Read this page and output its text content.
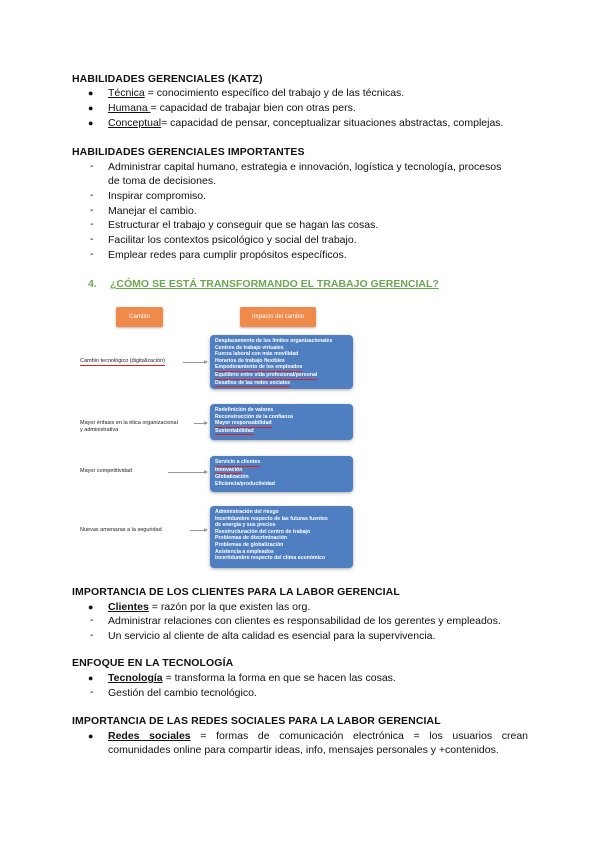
HABILIDADES GERENCIALES (KATZ)
● Técnica = conocimiento específico del trabajo y de las técnicas.
● Humana = capacidad de trabajar bien con otras pers.
● Conceptual= capacidad de pensar, conceptualizar situaciones abstractas, complejas.
HABILIDADES GERENCIALES IMPORTANTES
- Administrar capital humano, estrategia e innovación, logística y tecnología, procesos
de toma de decisiones.
- Inspirar compromiso.
- Manejar el cambio.
- Estructurar el trabajo y conseguir que se hagan las cosas.
- Facilitar los contextos psicológico y social del trabajo.
- Emplear redes para cumplir propósitos específicos.
4. ¿CÓMO SE ESTÁ TRANSFORMANDO EL TRABAJO GERENCIAL?
Cambio	Impacto del cambio
Cambio tecnológico (digitalización)
Desplazamiento de los límites organizacionales
Centros de trabajo virtuales
Fuerza laboral con más movilidad
Horarios de trabajo flexibles
Empoderamiento de los empleados
Equilibrio entre vida profesional/personal
Desafíos de las redes sociales
Mayor énfasis en la ética organizacional
y administrativa
Redefinición de valores
Reconstrucción de la confianza
Mayor responsabilidad
Sustentabilidad
Mayor competitividad
Servicio a clientes
Innovación
Globalización
Eficiencia/productividad
Nuevas amenazas a la seguridad
Administración del riesgo
Incertidumbre respecto de las futuras fuentes
de energía y sus precios
Reestructuración del centro de trabajo
Problemas de discriminación
Problemas de globalización
Asistencia a empleados
Incertidumbre respecto del clima económico
IMPORTANCIA DE LOS CLIENTES PARA LA LABOR GERENCIAL
● Clientes = razón por la que existen las org.
- Administrar relaciones con clientes es responsabilidad de los gerentes y empleados.
- Un servicio al cliente de alta calidad es esencial para la supervivencia.
ENFOQUE EN LA TECNOLOGÍA
● Tecnología = transforma la forma en que se hacen las cosas.
- Gestión del cambio tecnológico.
IMPORTANCIA DE LAS REDES SOCIALES PARA LA LABOR GERENCIAL
● Redes sociales = formas de comunicación electrónica = los usuarios crean
comunidades online para compartir ideas, info, mensajes personales y +contenidos.
